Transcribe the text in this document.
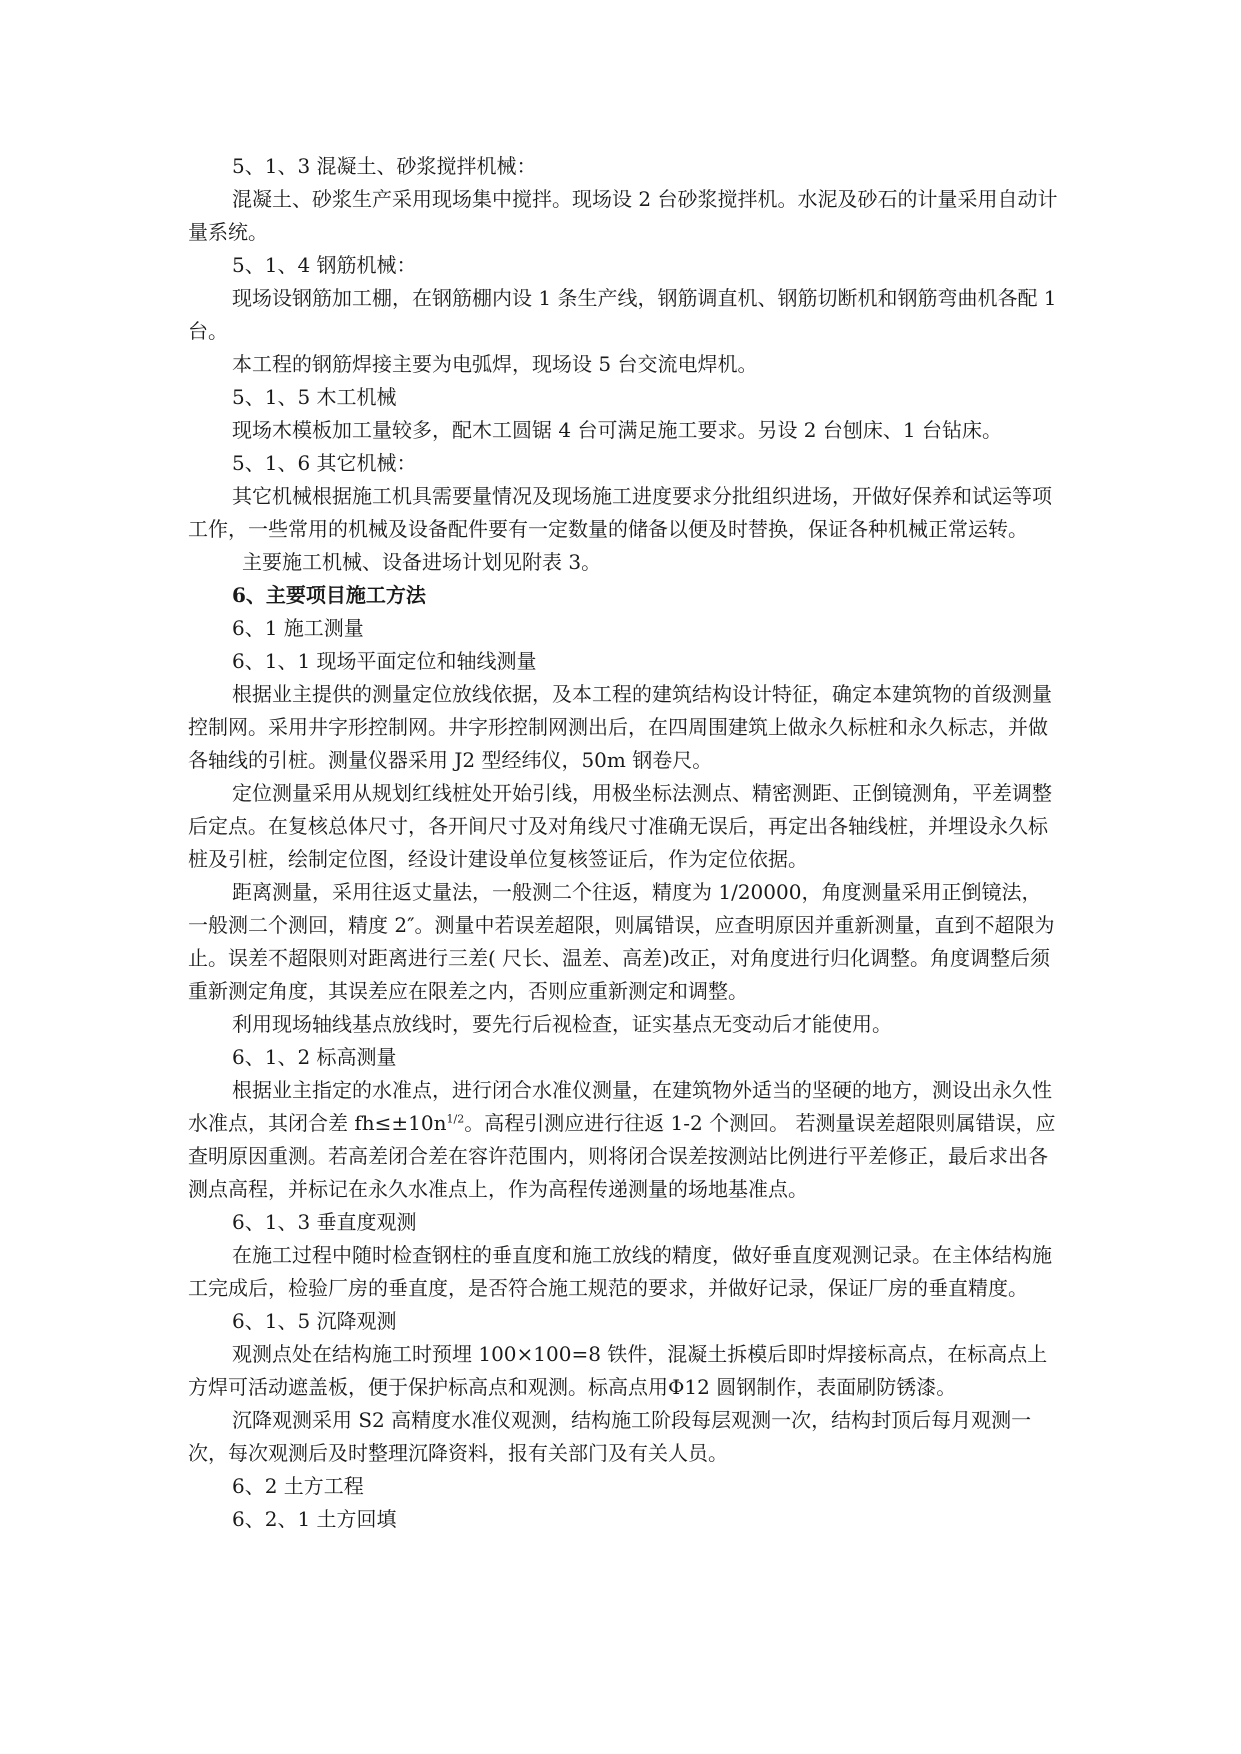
5、1、3 混凝土、砂浆搅拌机械：

混凝土、砂浆生产采用现场集中搅拌。现场设 2 台砂浆搅拌机。水泥及砂石的计量采用自动计量系统。

5、1、4 钢筋机械：

现场设钢筋加工棚，在钢筋棚内设 1 条生产线，钢筋调直机、钢筋切断机和钢筋弯曲机各配 1 台。

本工程的钢筋焊接主要为电弧焊，现场设 5 台交流电焊机。

5、1、5 木工机械

现场木模板加工量较多，配木工圆锯 4 台可满足施工要求。另设 2 台刨床、1 台钻床。

5、1、6 其它机械：

其它机械根据施工机具需要量情况及现场施工进度要求分批组织进场，开做好保养和试运等项工作，一些常用的机械及设备配件要有一定数量的储备以便及时替换，保证各种机械正常运转。

主要施工机械、设备进场计划见附表 3。

6、主要项目施工方法

6、1 施工测量

6、1、1 现场平面定位和轴线测量

根据业主提供的测量定位放线依据，及本工程的建筑结构设计特征，确定本建筑物的首级测量控制网。采用井字形控制网。井字形控制网测出后，在四周围建筑上做永久标桩和永久标志，并做各轴线的引桩。测量仪器采用 J2 型经纬仪，50m 钢卷尺。

定位测量采用从规划红线桩处开始引线，用极坐标法测点、精密测距、正倒镜测角，平差调整后定点。在复核总体尺寸，各开间尺寸及对角线尺寸准确无误后，再定出各轴线桩，并埋设永久标桩及引桩，绘制定位图，经设计建设单位复核签证后，作为定位依据。

距离测量，采用往返丈量法，一般测二个往返，精度为 1/20000，角度测量采用正倒镜法， 一般测二个测回，精度 2″。测量中若误差超限，则属错误，应查明原因并重新测量，直到不超限为止。误差不超限则对距离进行三差( 尺长、温差、高差)改正，对角度进行归化调整。角度调整后须重新测定角度，其误差应在限差之内，否则应重新测定和调整。

利用现场轴线基点放线时，要先行后视检查，证实基点无变动后才能使用。

6、1、2 标高测量

根据业主指定的水准点，进行闭合水准仪测量，在建筑物外适当的坚硬的地方，测设出永久性水准点，其闭合差 $fh\le\pm 10n^{1/2}$。高程引测应进行往返 1-2 个测回。 若测量误差超限则属错误，应查明原因重测。若高差闭合差在容许范围内，则将闭合误差按测站比例进行平差修正，最后求出各测点高程，并标记在永久水准点上，作为高程传递测量的场地基准点。

6、1、3 垂直度观测

在施工过程中随时检查钢柱的垂直度和施工放线的精度，做好垂直度观测记录。在主体结构施工完成后，检验厂房的垂直度，是否符合施工规范的要求，并做好记录，保证厂房的垂直精度。

6、1、5 沉降观测

观测点处在结构施工时预埋 100×100=8 铁件，混凝土拆模后即时焊接标高点，在标高点上方焊可活动遮盖板，便于保护标高点和观测。标高点用Φ12 圆钢制作，表面刷防锈漆。

沉降观测采用 S2 高精度水准仪观测，结构施工阶段每层观测一次，结构封顶后每月观测一次，每次观测后及时整理沉降资料，报有关部门及有关人员。

6、2 土方工程

6、2、1 土方回填
